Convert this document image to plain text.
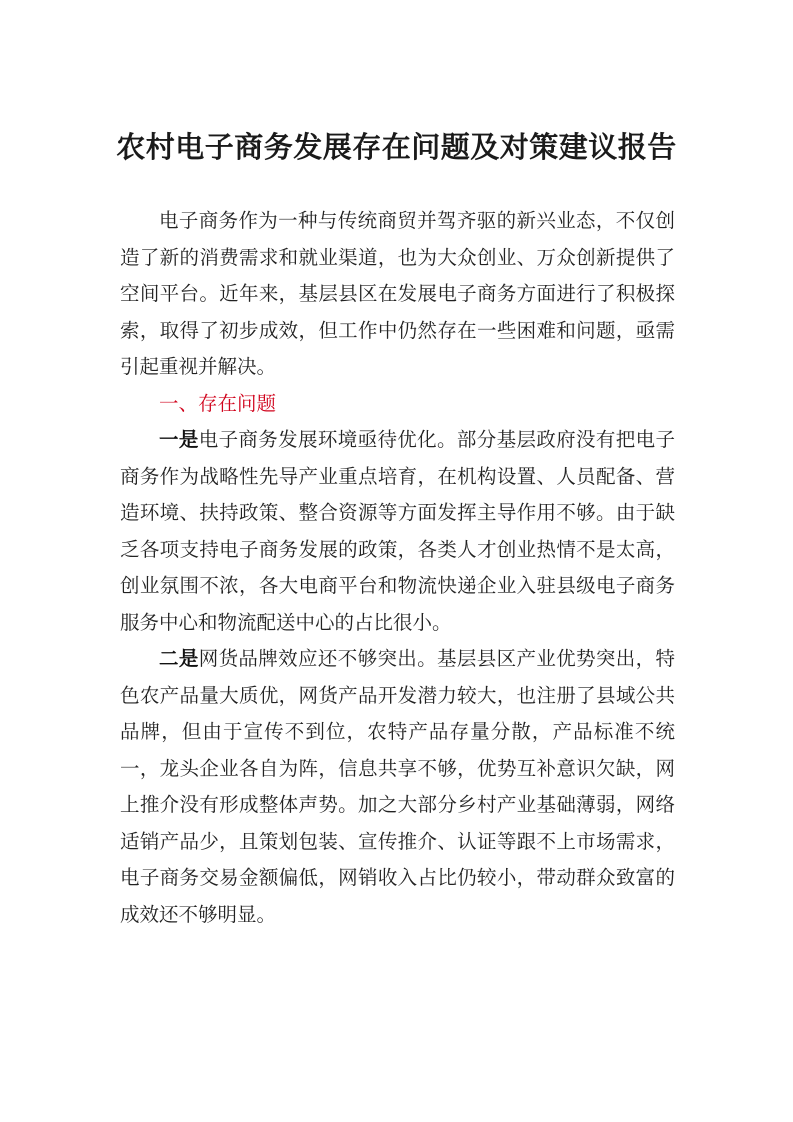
农村电子商务发展存在问题及对策建议报告

电子商务作为一种与传统商贸并驾齐驱的新兴业态，不仅创造了新的消费需求和就业渠道，也为大众创业、万众创新提供了空间平台。近年来，基层县区在发展电子商务方面进行了积极探索，取得了初步成效，但工作中仍然存在一些困难和问题，亟需引起重视并解决。

一、存在问题

一是电子商务发展环境亟待优化。部分基层政府没有把电子商务作为战略性先导产业重点培育，在机构设置、人员配备、营造环境、扶持政策、整合资源等方面发挥主导作用不够。由于缺乏各项支持电子商务发展的政策，各类人才创业热情不是太高，创业氛围不浓，各大电商平台和物流快递企业入驻县级电子商务服务中心和物流配送中心的占比很小。

二是网货品牌效应还不够突出。基层县区产业优势突出，特色农产品量大质优，网货产品开发潜力较大，也注册了县域公共品牌，但由于宣传不到位，农特产品存量分散，产品标准不统一，龙头企业各自为阵，信息共享不够，优势互补意识欠缺，网上推介没有形成整体声势。加之大部分乡村产业基础薄弱，网络适销产品少，且策划包装、宣传推介、认证等跟不上市场需求，电子商务交易金额偏低，网销收入占比仍较小，带动群众致富的成效还不够明显。
